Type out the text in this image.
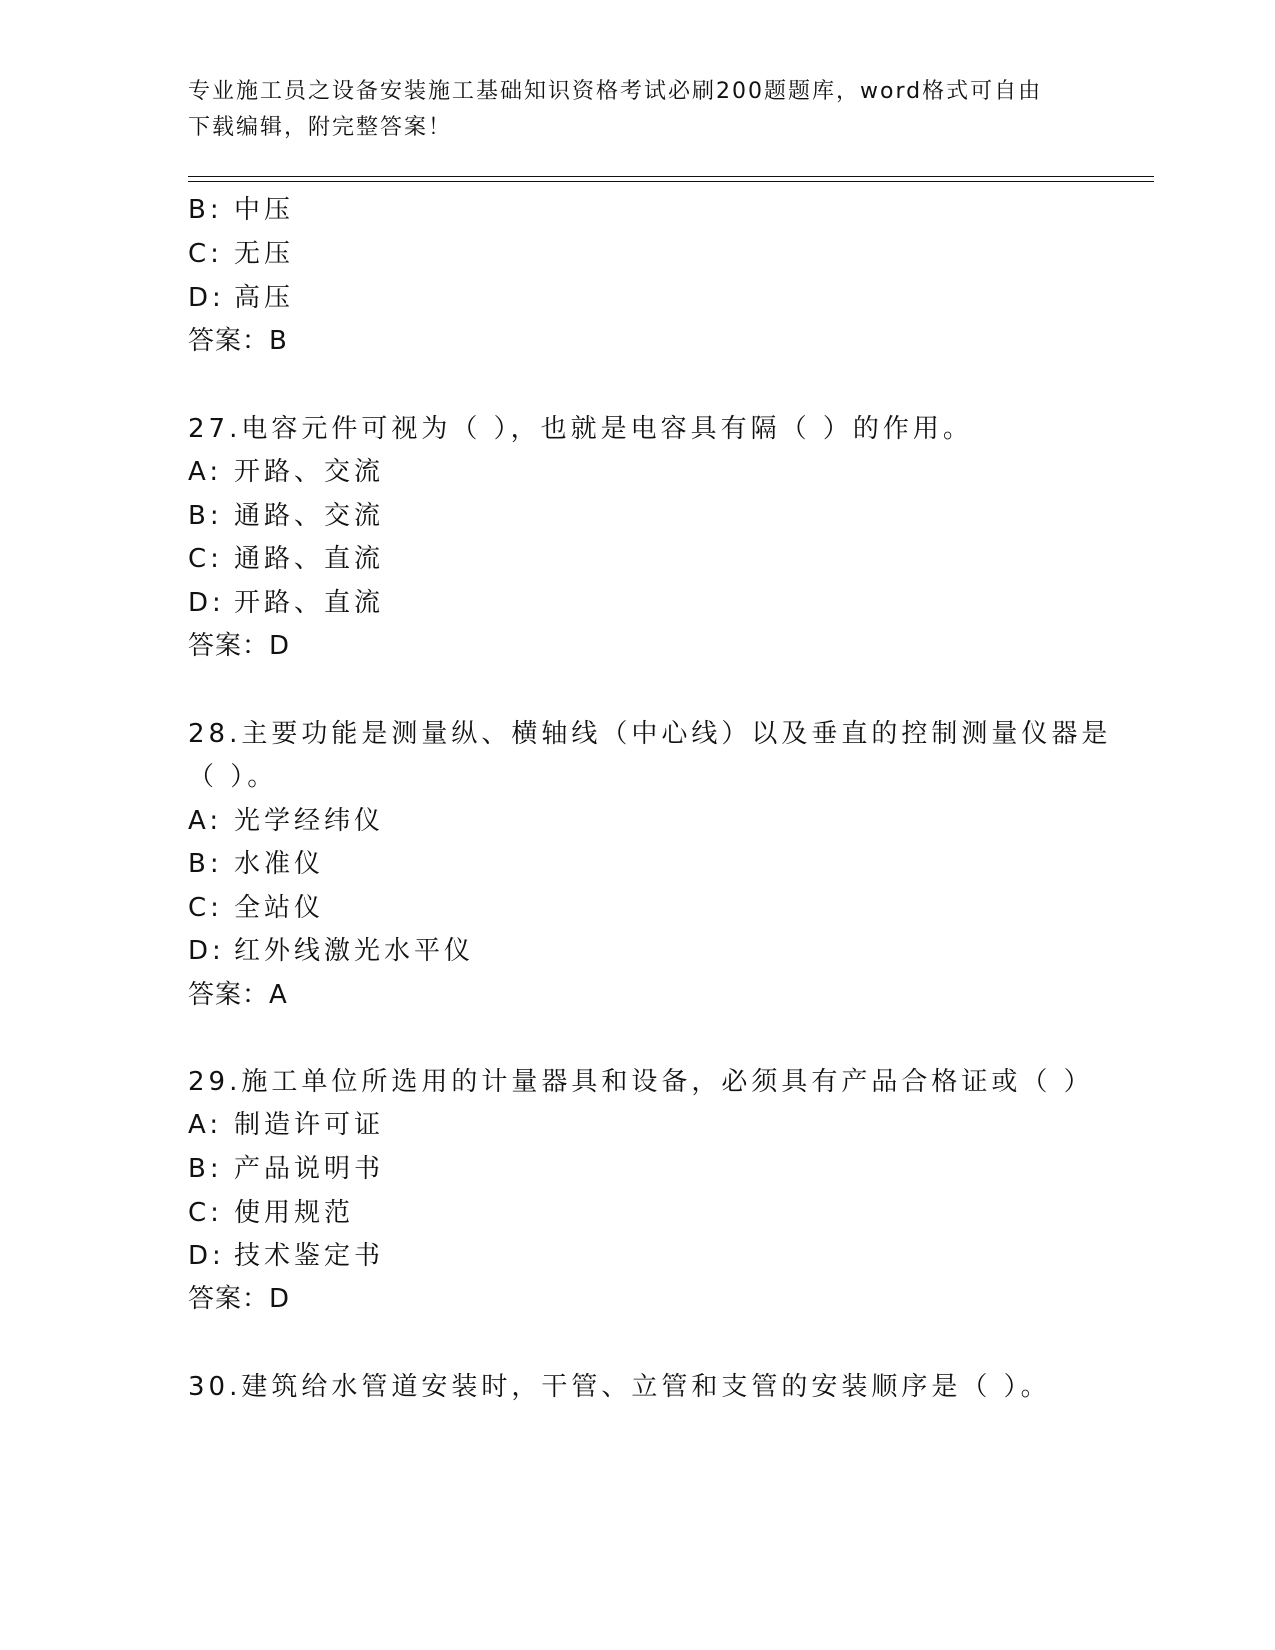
专业施工员之设备安装施工基础知识资格考试必刷200题题库，word格式可自由
下载编辑，附完整答案！
B: 中压
C: 无压
D: 高压
答案：B
27.电容元件可视为（ ），也就是电容具有隔（ ）的作用。
A: 开路、交流
B: 通路、交流
C: 通路、直流
D: 开路、直流
答案：D
28.主要功能是测量纵、横轴线（中心线）以及垂直的控制测量仪器是
（ ）。
A: 光学经纬仪
B: 水准仪
C: 全站仪
D: 红外线激光水平仪
答案：A
29.施工单位所选用的计量器具和设备，必须具有产品合格证或（ ）
A: 制造许可证
B: 产品说明书
C: 使用规范
D: 技术鉴定书
答案：D
30.建筑给水管道安装时，干管、立管和支管的安装顺序是（ ）。
